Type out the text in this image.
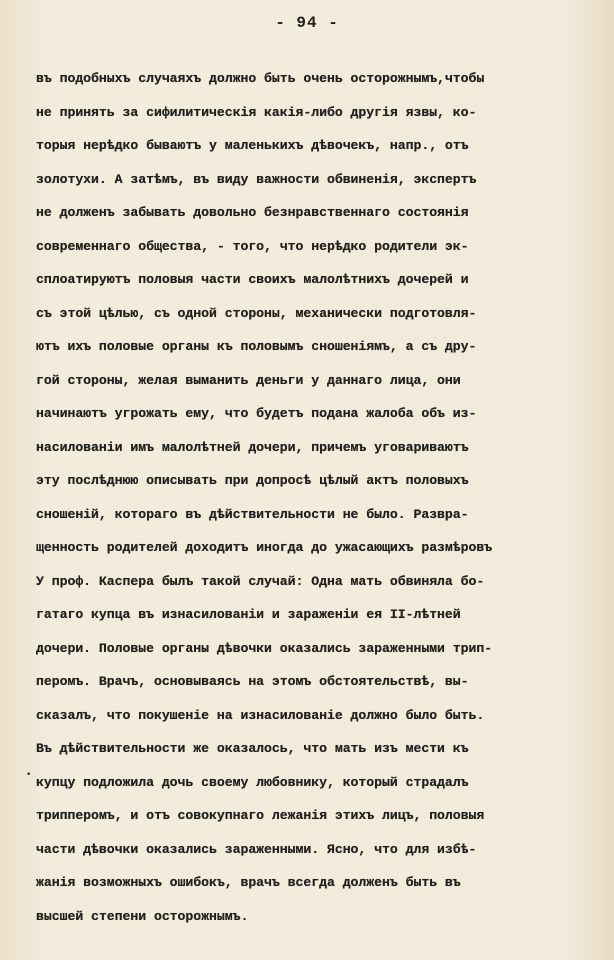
- 94 -
•
въ подобныхъ случаяхъ должно быть очень осторожнымъ,чтобы
не принять за сифилитическiя какiя-либо другiя язвы, ко-
торыя нерѣдко бываютъ у маленькихъ дѣвочекъ, напр., отъ
золотухи. А затѣмъ, въ виду важности обвиненiя, экспертъ
не долженъ забывать довольно безнравственнаго состоянiя
современнаго общества, - того, что нерѣдко родители эк-
сплоатируютъ половыя части своихъ малолѣтнихъ дочерей и
съ этой цѣлью, съ одной стороны, механически подготовля-
ютъ ихъ половые органы къ половымъ сношенiямъ, а съ дру-
гой стороны, желая выманить деньги у даннаго лица, они
начинаютъ угрожать ему, что будетъ подана жалоба объ из-
насилованiи имъ малолѣтней дочери, причемъ уговариваютъ
эту послѣднюю описывать при допросѣ цѣлый актъ половыхъ
сношенiй, котораго въ дѣйствительности не было. Развра-
щенность родителей доходитъ иногда до ужасающихъ размѣровъ
У проф. Каспера былъ такой случай: Одна мать обвиняла бо-
гатаго купца въ изнасилованiи и зараженiи ея II-лѣтней
дочери. Половые органы дѣвочки оказались зараженными трип-
перомъ. Врачъ, основываясь на этомъ обстоятельствѣ, вы-
сказалъ, что покушенiе на изнасилованiе должно было быть.
Въ дѣйствительности же оказалось, что мать изъ мести къ
купцу подложила дочь своему любовнику, который страдалъ
трипперомъ, и отъ совокупнаго лежанiя этихъ лицъ, половыя
части дѣвочки оказались зараженными. Ясно, что для избѣ-
жанiя возможныхъ ошибокъ, врачъ всегда долженъ быть въ
высшей степени осторожнымъ.
